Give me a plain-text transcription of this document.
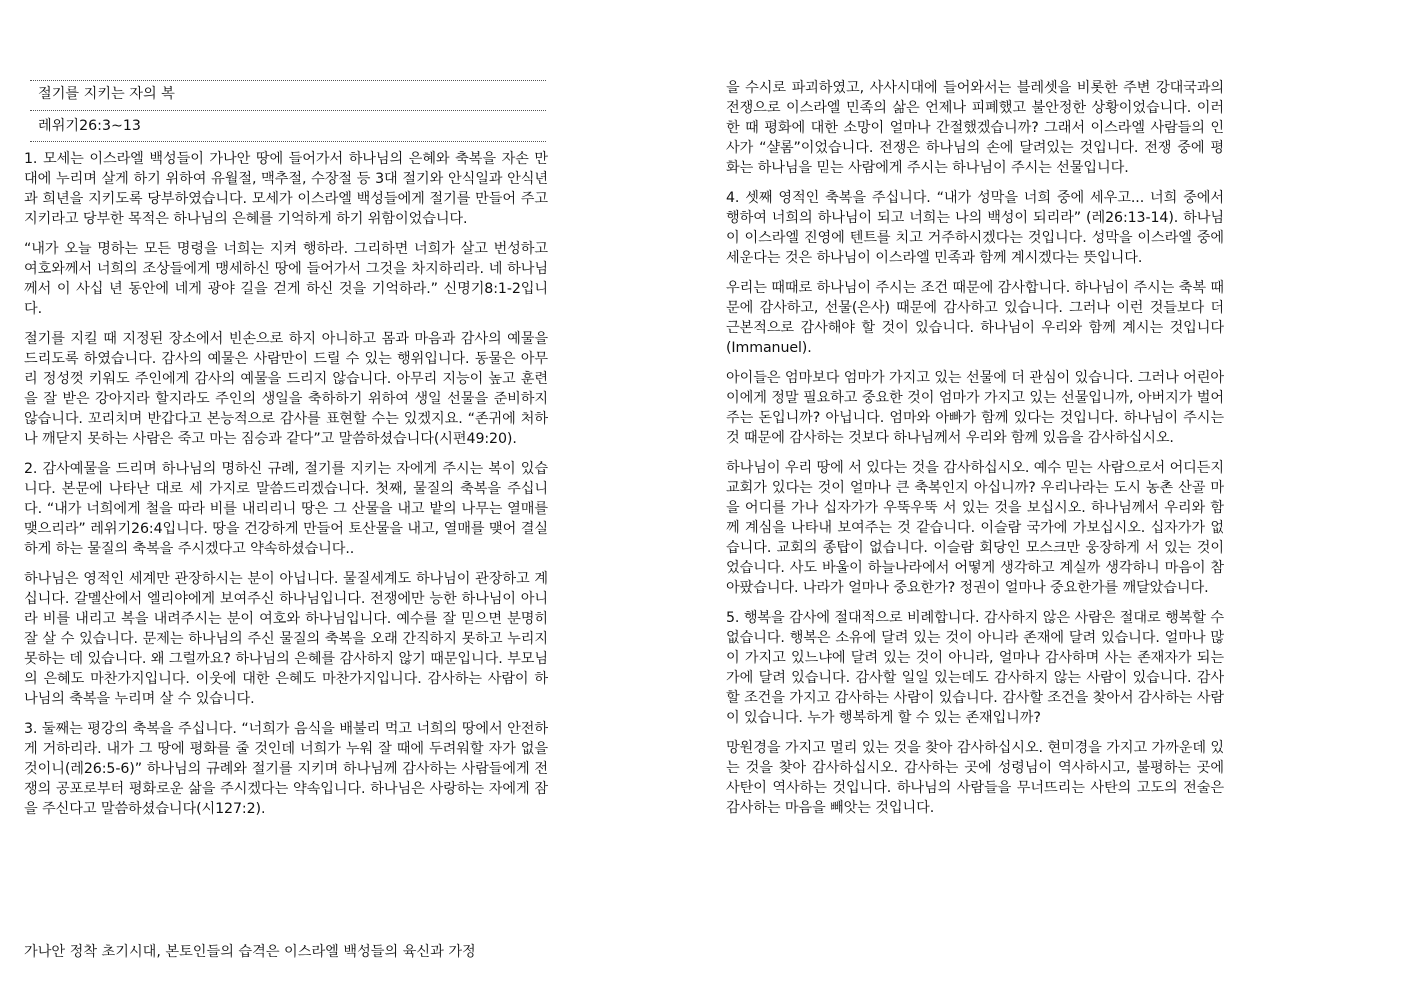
절기를 지키는 자의 복
레위기26:3∼13

1. 모세는 이스라엘 백성들이 가나안 땅에 들어가서 하나님의 은혜와 축복을 자손 만대에 누리며 살게 하기 위하여 유월절, 맥추절, 수장절 등 3대 절기와 안식일과 안식년과 희년을 지키도록 당부하였습니다. 모세가 이스라엘 백성들에게 절기를 만들어 주고 지키라고 당부한 목적은 하나님의 은혜를 기억하게 하기 위함이었습니다.

“내가 오늘 명하는 모든 명령을 너희는 지켜 행하라. 그리하면 너희가 살고 번성하고 여호와께서 너희의 조상들에게 맹세하신 땅에 들어가서 그것을 차지하리라. 네 하나님께서 이 사십 년 동안에 네게 광야 길을 걷게 하신 것을 기억하라.” 신명기8:1-2입니다.

절기를 지킬 때 지정된 장소에서 빈손으로 하지 아니하고 몸과 마음과 감사의 예물을 드리도록 하였습니다. 감사의 예물은 사람만이 드릴 수 있는 행위입니다. 동물은 아무리 정성껏 키워도 주인에게 감사의 예물을 드리지 않습니다. 아무리 지능이 높고 훈련을 잘 받은 강아지라 할지라도 주인의 생일을 축하하기 위하여 생일 선물을 준비하지 않습니다. 꼬리치며 반갑다고 본능적으로 감사를 표현할 수는 있겠지요. “존귀에 처하나 깨닫지 못하는 사람은 죽고 마는 짐승과 같다”고 말씀하셨습니다(시편49:20).

2. 감사예물을 드리며 하나님의 명하신 규례, 절기를 지키는 자에게 주시는 복이 있습니다. 본문에 나타난 대로 세 가지로 말씀드리겠습니다. 첫째, 물질의 축복을 주십니다. “내가 너희에게 철을 따라 비를 내리리니 땅은 그 산물을 내고 밭의 나무는 열매를 맺으리라” 레위기26:4입니다. 땅을 건강하게 만들어 토산물을 내고, 열매를 맺어 결실하게 하는 물질의 축복을 주시겠다고 약속하셨습니다..

하나님은 영적인 세계만 관장하시는 분이 아닙니다. 물질세계도 하나님이 관장하고 계십니다. 갈멜산에서 엘리야에게 보여주신 하나님입니다. 전쟁에만 능한 하나님이 아니라 비를 내리고 복을 내려주시는 분이 여호와 하나님입니다. 예수를 잘 믿으면 분명히 잘 살 수 있습니다. 문제는 하나님의 주신 물질의 축복을 오래 간직하지 못하고 누리지 못하는 데 있습니다. 왜 그럴까요? 하나님의 은혜를 감사하지 않기 때문입니다. 부모님의 은혜도 마찬가지입니다. 이웃에 대한 은혜도 마찬가지입니다. 감사하는 사람이 하나님의 축복을 누리며 살 수 있습니다.

3. 둘째는 평강의 축복을 주십니다. “너희가 음식을 배불리 먹고 너희의 땅에서 안전하게 거하리라. 내가 그 땅에 평화를 줄 것인데 너희가 누워 잘 때에 두려워할 자가 없을 것이니(레26:5-6)” 하나님의 규례와 절기를 지키며 하나님께 감사하는 사람들에게 전쟁의 공포로부터 평화로운 삶을 주시겠다는 약속입니다. 하나님은 사랑하는 자에게 잠을 주신다고 말씀하셨습니다(시127:2).

가나안 정착 초기시대, 본토인들의 습격은 이스라엘 백성들의 육신과 가정

을 수시로 파괴하였고, 사사시대에 들어와서는 블레셋을 비롯한 주변 강대국과의 전쟁으로 이스라엘 민족의 삶은 언제나 피폐했고 불안정한 상황이었습니다. 이러한 때 평화에 대한 소망이 얼마나 간절했겠습니까? 그래서 이스라엘 사람들의 인사가 “샬롬”이었습니다. 전쟁은 하나님의 손에 달려있는 것입니다. 전쟁 중에 평화는 하나님을 믿는 사람에게 주시는 하나님이 주시는 선물입니다.

4. 셋째 영적인 축복을 주십니다. “내가 성막을 너희 중에 세우고... 너희 중에서 행하여 너희의 하나님이 되고 너희는 나의 백성이 되리라” (레26:13-14). 하나님이 이스라엘 진영에 텐트를 치고 거주하시겠다는 것입니다. 성막을 이스라엘 중에 세운다는 것은 하나님이 이스라엘 민족과 함께 계시겠다는 뜻입니다.

우리는 때때로 하나님이 주시는 조건 때문에 감사합니다. 하나님이 주시는 축복 때문에 감사하고, 선물(은사) 때문에 감사하고 있습니다. 그러나 이런 것들보다 더 근본적으로 감사해야 할 것이 있습니다. 하나님이 우리와 함께 계시는 것입니다(Immanuel).

아이들은 엄마보다 엄마가 가지고 있는 선물에 더 관심이 있습니다. 그러나 어린아이에게 정말 필요하고 중요한 것이 엄마가 가지고 있는 선물입니까, 아버지가 벌어주는 돈입니까? 아닙니다. 엄마와 아빠가 함께 있다는 것입니다. 하나님이 주시는 것 때문에 감사하는 것보다 하나님께서 우리와 함께 있음을 감사하십시오.

하나님이 우리 땅에 서 있다는 것을 감사하십시오. 예수 믿는 사람으로서 어디든지 교회가 있다는 것이 얼마나 큰 축복인지 아십니까? 우리나라는 도시 농촌 산골 마을 어디를 가나 십자가가 우뚝우뚝 서 있는 것을 보십시오. 하나님께서 우리와 함께 계심을 나타내 보여주는 것 같습니다. 이슬람 국가에 가보십시오. 십자가가 없습니다. 교회의 종탑이 없습니다. 이슬람 회당인 모스크만 웅장하게 서 있는 것이었습니다. 사도 바울이 하늘나라에서 어떻게 생각하고 계실까 생각하니 마음이 참 아팠습니다. 나라가 얼마나 중요한가? 정권이 얼마나 중요한가를 깨달았습니다.

5. 행복을 감사에 절대적으로 비례합니다. 감사하지 않은 사람은 절대로 행복할 수 없습니다. 행복은 소유에 달려 있는 것이 아니라 존재에 달려 있습니다. 얼마나 많이 가지고 있느냐에 달려 있는 것이 아니라, 얼마나 감사하며 사는 존재자가 되는가에 달려 있습니다. 감사할 일일 있는데도 감사하지 않는 사람이 있습니다. 감사할 조건을 가지고 감사하는 사람이 있습니다. 감사할 조건을 찾아서 감사하는 사람이 있습니다. 누가 행복하게 할 수 있는 존재입니까?

망원경을 가지고 멀리 있는 것을 찾아 감사하십시오. 현미경을 가지고 가까운데 있는 것을 찾아 감사하십시오. 감사하는 곳에 성령님이 역사하시고, 불평하는 곳에 사탄이 역사하는 것입니다. 하나님의 사람들을 무너뜨리는 사탄의 고도의 전술은 감사하는 마음을 빼앗는 것입니다.
